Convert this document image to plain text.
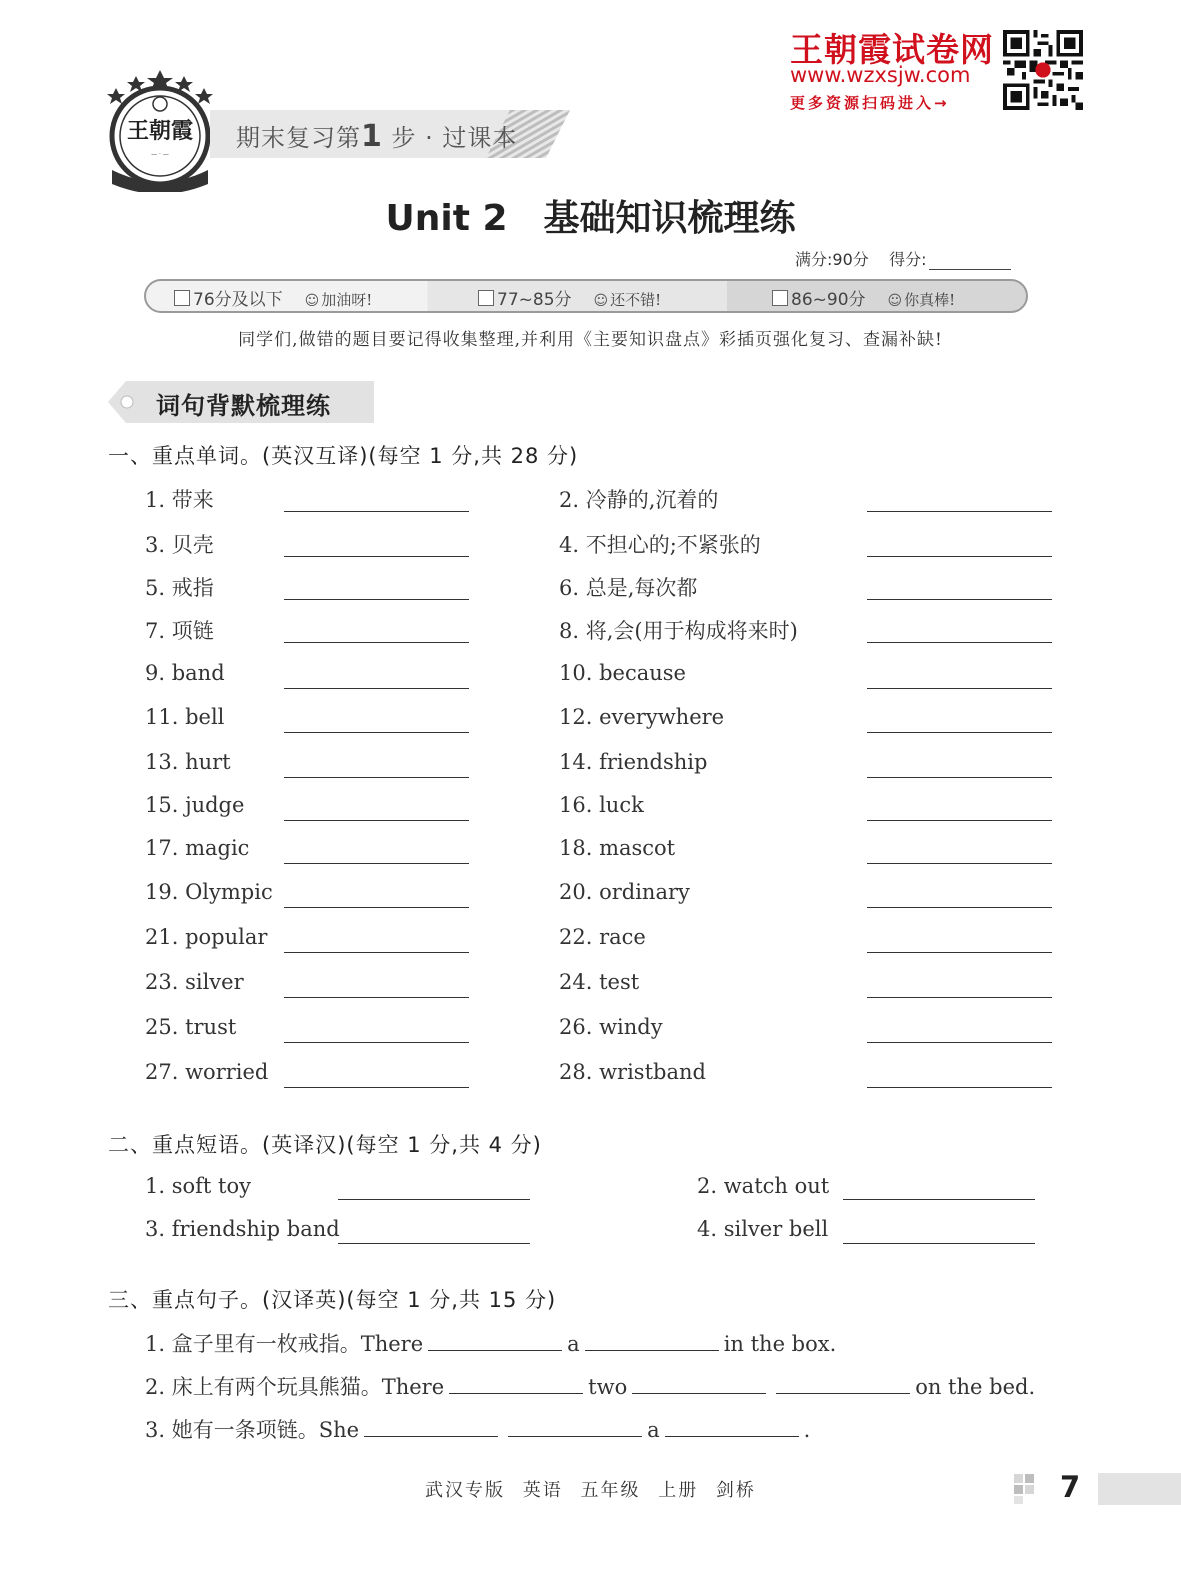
王朝霞
— · —
期末复习第1 步 · 过课本
王朝霞试卷网
www.wzxsjw.com
更多资源扫码进入→
Unit 2　基础知识梳理练
满分:90分 得分:
76分及以下 ☺ 加油呀!	77~85分 ☺ 还不错!	86~90分 ☺ 你真棒!
同学们,做错的题目要记得收集整理,并利用《主要知识盘点》彩插页强化复习、查漏补缺!
词句背默梳理练
一、重点单词。(英汉互译)(每空 1 分,共 28 分)
1. 带来	2. 冷静的,沉着的
3. 贝壳	4. 不担心的;不紧张的
5. 戒指	6. 总是,每次都
7. 项链	8. 将,会(用于构成将来时)
9. band	10. because
11. bell	12. everywhere
13. hurt	14. friendship
15. judge	16. luck
17. magic	18. mascot
19. Olympic	20. ordinary
21. popular	22. race
23. silver	24. test
25. trust	26. windy
27. worried	28. wristband
二、重点短语。(英译汉)(每空 1 分,共 4 分)
1. soft toy	2. watch out
3. friendship band	4. silver bell
三、重点句子。(汉译英)(每空 1 分,共 15 分)
1. 盒子里有一枚戒指。There	a	in the box.
2. 床上有两个玩具熊猫。There	two	on the bed.
3. 她有一条项链。She	a	.
武汉专版 英语 五年级 上册 剑桥	7
